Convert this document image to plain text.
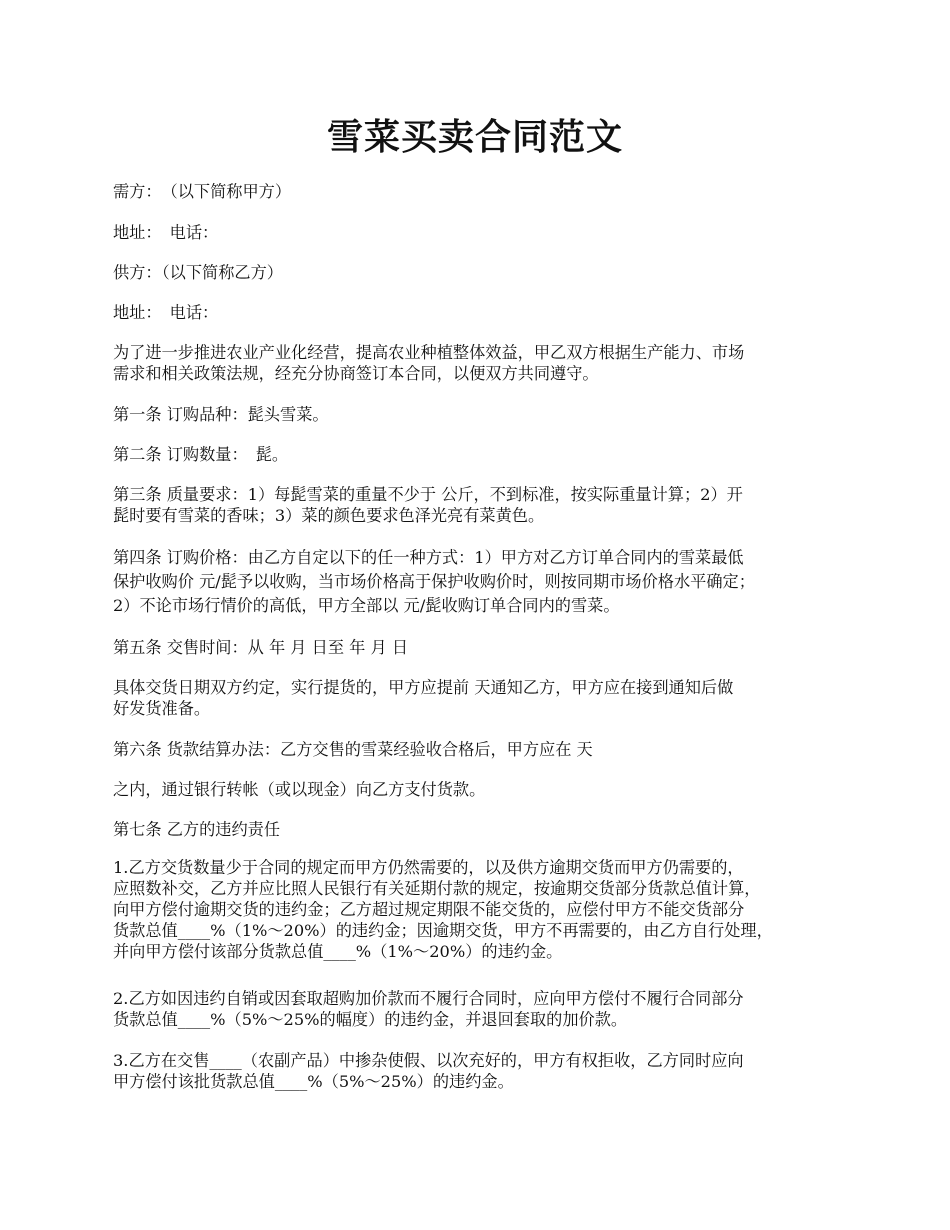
雪菜买卖合同范文

需方：　（以下简称甲方）

地址：　电话：

供方：（以下简称乙方）

地址：　电话：

为了进一步推进农业产业化经营，提高农业种植整体效益，甲乙双方根据生产能力、市场
需求和相关政策法规，经充分协商签订本合同，以便双方共同遵守。

第一条 订购品种：髭头雪菜。

第二条 订购数量：　髭。

第三条 质量要求：1）每髭雪菜的重量不少于 公斤，不到标准，按实际重量计算；2）开
髭时要有雪菜的香味；3）菜的颜色要求色泽光亮有菜黄色。

第四条 订购价格：由乙方自定以下的任一种方式：1）甲方对乙方订单合同内的雪菜最低
保护收购价 元/髭予以收购，当市场价格高于保护收购价时，则按同期市场价格水平确定；
2）不论市场行情价的高低，甲方全部以 元/髭收购订单合同内的雪菜。

第五条 交售时间：从 年 月 日至 年 月 日

具体交货日期双方约定，实行提货的，甲方应提前 天通知乙方，甲方应在接到通知后做
好发货准备。

第六条 货款结算办法：乙方交售的雪菜经验收合格后，甲方应在 天

之内，通过银行转帐（或以现金）向乙方支付货款。

第七条 乙方的违约责任

1.乙方交货数量少于合同的规定而甲方仍然需要的，以及供方逾期交货而甲方仍需要的，
应照数补交，乙方并应比照人民银行有关延期付款的规定，按逾期交货部分货款总值计算，
向甲方偿付逾期交货的违约金；乙方超过规定期限不能交货的，应偿付甲方不能交货部分
货款总值____%（1%～20%）的违约金；因逾期交货，甲方不再需要的，由乙方自行处理，
并向甲方偿付该部分货款总值____%（1%～20%）的违约金。

2.乙方如因违约自销或因套取超购加价款而不履行合同时，应向甲方偿付不履行合同部分
货款总值____%（5%～25%的幅度）的违约金，并退回套取的加价款。

3.乙方在交售____（农副产品）中掺杂使假、以次充好的，甲方有权拒收，乙方同时应向
甲方偿付该批货款总值____%（5%～25%）的违约金。
